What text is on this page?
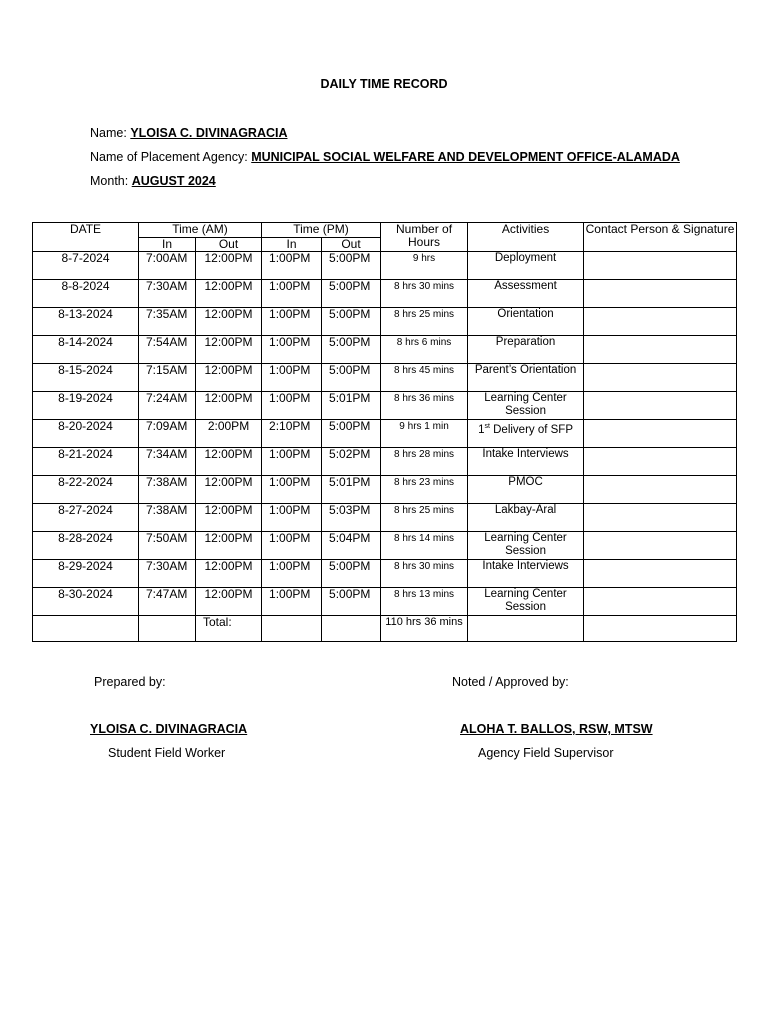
DAILY TIME RECORD
Name: YLOISA C. DIVINAGRACIA
Name of Placement Agency: MUNICIPAL SOCIAL WELFARE AND DEVELOPMENT OFFICE-ALAMADA
Month: AUGUST 2024
DATE	Time (AM)		Time (PM)		Number of Hours	Activities	Contact Person & Signature
	In	Out	In	Out			
8-7-2024	7:00AM	12:00PM	1:00PM	5:00PM	9 hrs	Deployment	
8-8-2024	7:30AM	12:00PM	1:00PM	5:00PM	8 hrs 30 mins	Assessment	
8-13-2024	7:35AM	12:00PM	1:00PM	5:00PM	8 hrs 25 mins	Orientation	
8-14-2024	7:54AM	12:00PM	1:00PM	5:00PM	8 hrs 6 mins	Preparation	
8-15-2024	7:15AM	12:00PM	1:00PM	5:00PM	8 hrs 45 mins	Parent’s Orientation	
8-19-2024	7:24AM	12:00PM	1:00PM	5:01PM	8 hrs 36 mins	Learning Center Session	
8-20-2024	7:09AM	2:00PM	2:10PM	5:00PM	9 hrs 1 min	1st Delivery of SFP	
8-21-2024	7:34AM	12:00PM	1:00PM	5:02PM	8 hrs 28 mins	Intake Interviews	
8-22-2024	7:38AM	12:00PM	1:00PM	5:01PM	8 hrs 23 mins	PMOC	
8-27-2024	7:38AM	12:00PM	1:00PM	5:03PM	8 hrs 25 mins	Lakbay-Aral	
8-28-2024	7:50AM	12:00PM	1:00PM	5:04PM	8 hrs 14 mins	Learning Center Session	
8-29-2024	7:30AM	12:00PM	1:00PM	5:00PM	8 hrs 30 mins	Intake Interviews	
8-30-2024	7:47AM	12:00PM	1:00PM	5:00PM	8 hrs 13 mins	Learning Center Session	
		Total:			110 hrs 36 mins		
Prepared by:	Noted / Approved by:
YLOISA C. DIVINAGRACIA	ALOHA T. BALLOS, RSW, MTSW
Student Field Worker	Agency Field Supervisor
